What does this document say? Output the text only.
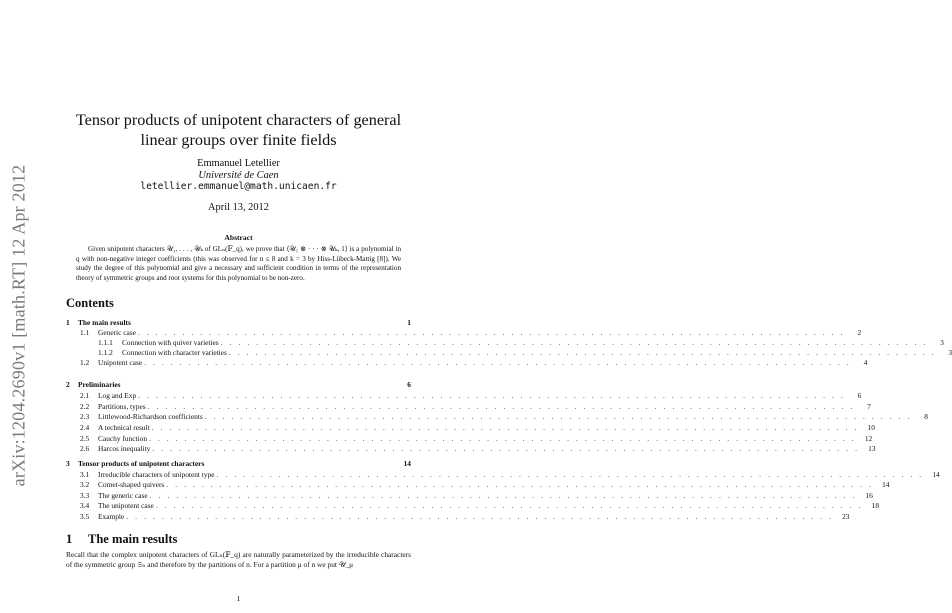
arXiv:1204.2690v1 [math.RT] 12 Apr 2012
Tensor products of unipotent characters of general linear groups over finite fields
Emmanuel Letellier
Université de Caen
letellier.emmanuel@math.unicaen.fr
April 13, 2012
Abstract
Given unipotent characters 𝒰₁, . . . , 𝒰ₖ of GLₙ(𝔽_q), we prove that ⟨𝒰₁ ⊗ · · · ⊗ 𝒰ₖ, 1⟩ is a polynomial in q with non-negative integer coefficients (this was observed for n ≤ 8 and k = 3 by Hiss-Lübeck-Mattig [8]). We study the degree of this polynomial and give a necessary and sufficient condition in terms of the representation theory of symmetric groups and root systems for this polynomial to be non-zero.
Contents
1	The main results	1
1.1	Generic case . . . . . . . . . . . . . . . . . . . . . . . . . . . . . . . . . . . . . . . . . . . . . . . . . . . . . . . . . . . . . . . . . . . . . . . . . . . . . . . .	2
1.1.1	Connection with quiver varieties . . . . . . . . . . . . . . . . . . . . . . . . . . . . . . . . . . . . . . . . . . . . . . . . . . . . . . . . . . . . . . . . . . . . . . . . . . . . . . . .	3
1.1.2	Connection with character varieties . . . . . . . . . . . . . . . . . . . . . . . . . . . . . . . . . . . . . . . . . . . . . . . . . . . . . . . . . . . . . . . . . . . . . . . . . . . . . . . .	3
1.2	Unipotent case . . . . . . . . . . . . . . . . . . . . . . . . . . . . . . . . . . . . . . . . . . . . . . . . . . . . . . . . . . . . . . . . . . . . . . . . . . . . . . . .	4
2	Preliminaries	6
2.1	Log and Exp . . . . . . . . . . . . . . . . . . . . . . . . . . . . . . . . . . . . . . . . . . . . . . . . . . . . . . . . . . . . . . . . . . . . . . . . . . . . . . . .	6
2.2	Partitions, types . . . . . . . . . . . . . . . . . . . . . . . . . . . . . . . . . . . . . . . . . . . . . . . . . . . . . . . . . . . . . . . . . . . . . . . . . . . . . . . .	7
2.3	Littlewood-Richardson coefficients . . . . . . . . . . . . . . . . . . . . . . . . . . . . . . . . . . . . . . . . . . . . . . . . . . . . . . . . . . . . . . . . . . . . . . . . . . . . . . . .	8
2.4	A technical result . . . . . . . . . . . . . . . . . . . . . . . . . . . . . . . . . . . . . . . . . . . . . . . . . . . . . . . . . . . . . . . . . . . . . . . . . . . . . . . .	10
2.5	Cauchy function . . . . . . . . . . . . . . . . . . . . . . . . . . . . . . . . . . . . . . . . . . . . . . . . . . . . . . . . . . . . . . . . . . . . . . . . . . . . . . . .	12
2.6	Harcos inequality . . . . . . . . . . . . . . . . . . . . . . . . . . . . . . . . . . . . . . . . . . . . . . . . . . . . . . . . . . . . . . . . . . . . . . . . . . . . . . . .	13
3	Tensor products of unipotent characters	14
3.1	Irreducible characters of unipotent type . . . . . . . . . . . . . . . . . . . . . . . . . . . . . . . . . . . . . . . . . . . . . . . . . . . . . . . . . . . . . . . . . . . . . . . . . . . . . . . .	14
3.2	Comet-shaped quivers . . . . . . . . . . . . . . . . . . . . . . . . . . . . . . . . . . . . . . . . . . . . . . . . . . . . . . . . . . . . . . . . . . . . . . . . . . . . . . . .	14
3.3	The generic case . . . . . . . . . . . . . . . . . . . . . . . . . . . . . . . . . . . . . . . . . . . . . . . . . . . . . . . . . . . . . . . . . . . . . . . . . . . . . . . .	16
3.4	The unipotent case . . . . . . . . . . . . . . . . . . . . . . . . . . . . . . . . . . . . . . . . . . . . . . . . . . . . . . . . . . . . . . . . . . . . . . . . . . . . . . . .	18
3.5	Example . . . . . . . . . . . . . . . . . . . . . . . . . . . . . . . . . . . . . . . . . . . . . . . . . . . . . . . . . . . . . . . . . . . . . . . . . . . . . . . .	23
1 The main results
Recall that the complex unipotent characters of GLₙ(𝔽_q) are naturally parameterized by the irreducible characters of the symmetric group 𝔖ₙ and therefore by the partitions of n. For a partition μ of n we put 𝒰_μ
1
